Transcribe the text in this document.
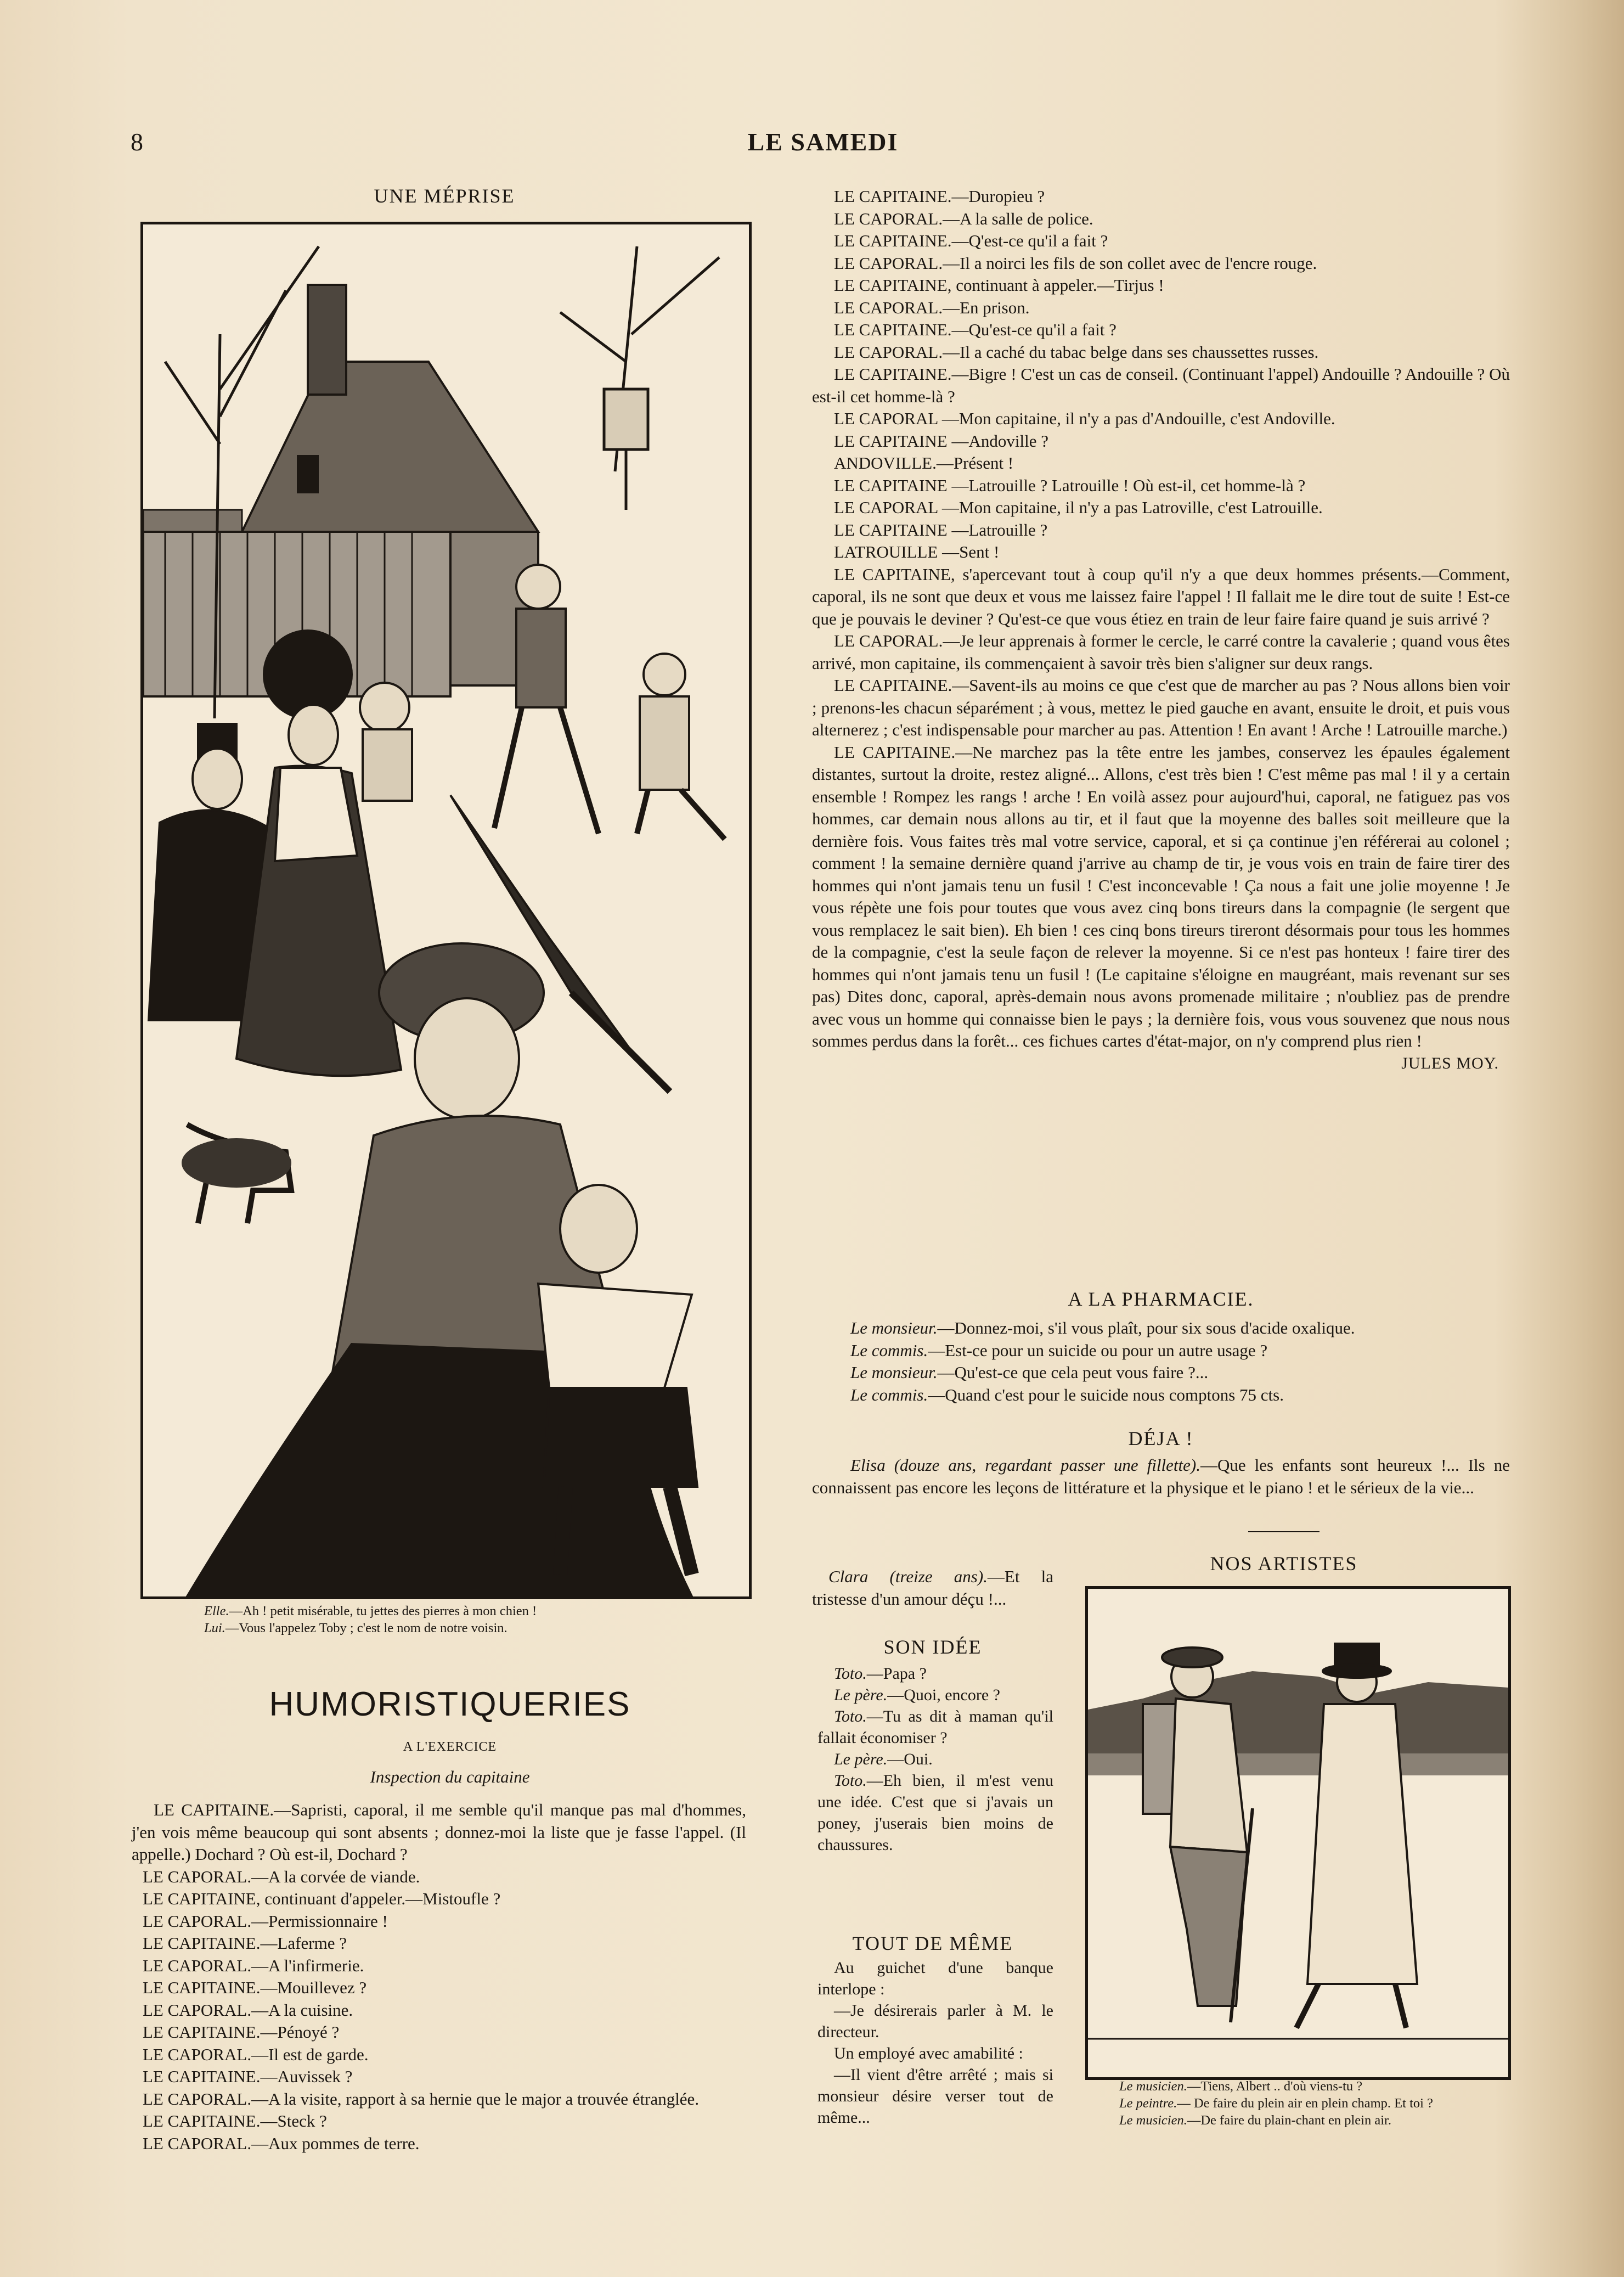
8	LE SAMEDI
UNE MÉPRISE
Elle.—Ah ! petit misérable, tu jettes des pierres à mon chien !
Lui.—Vous l'appelez Toby ; c'est le nom de notre voisin.
HUMORISTIQUERIES
A L'EXERCICE
Inspection du capitaine

LE CAPITAINE.—Sapristi, caporal, il me semble qu'il manque pas mal d'hommes, j'en vois même beaucoup qui sont absents ; donnez-moi la liste que je fasse l'appel. (Il appelle.) Dochard ? Où est-il, Dochard ?

LE CAPORAL.—A la corvée de viande.
LE CAPITAINE, continuant d'appeler.—Mistoufle ?
LE CAPORAL.—Permissionnaire !
LE CAPITAINE.—Laferme ?
LE CAPORAL.—A l'infirmerie.
LE CAPITAINE.—Mouillevez ?
LE CAPORAL.—A la cuisine.
LE CAPITAINE.—Pénoyé ?
LE CAPORAL.—Il est de garde.
LE CAPITAINE.—Auvissek ?

LE CAPORAL.—A la visite, rapport à sa hernie que le major a trouvée étranglée.

LE CAPITAINE.—Steck ?
LE CAPORAL.—Aux pommes de terre.
LE CAPITAINE.—Duropieu ?
LE CAPORAL.—A la salle de police.
LE CAPITAINE.—Q'est-ce qu'il a fait ?
LE CAPORAL.—Il a noirci les fils de son collet avec de l'encre rouge.
LE CAPITAINE, continuant à appeler.—Tirjus !
LE CAPORAL.—En prison.
LE CAPITAINE.—Qu'est-ce qu'il a fait ?
LE CAPORAL.—Il a caché du tabac belge dans ses chaussettes russes.

LE CAPITAINE.—Bigre ! C'est un cas de conseil. (Continuant l'appel) Andouille ? Andouille ? Où est-il cet homme-là ?

LE CAPORAL —Mon capitaine, il n'y a pas d'Andouille, c'est Andoville.
LE CAPITAINE —Andoville ?
ANDOVILLE.—Présent !
LE CAPITAINE —Latrouille ? Latrouille ! Où est-il, cet homme-là ?
LE CAPORAL —Mon capitaine, il n'y a pas Latroville, c'est Latrouille.
LE CAPITAINE —Latrouille ?
LATROUILLE —Sent !

LE CAPITAINE, s'apercevant tout à coup qu'il n'y a que deux hommes présents.—Comment, caporal, ils ne sont que deux et vous me laissez faire l'appel ! Il fallait me le dire tout de suite ! Est-ce que je pouvais le deviner ? Qu'est-ce que vous étiez en train de leur faire faire quand je suis arrivé ?

LE CAPORAL.—Je leur apprenais à former le cercle, le carré contre la cavalerie ; quand vous êtes arrivé, mon capitaine, ils commençaient à savoir très bien s'aligner sur deux rangs.

LE CAPITAINE.—Savent-ils au moins ce que c'est que de marcher au pas ? Nous allons bien voir ; prenons-les chacun séparément ; à vous, mettez le pied gauche en avant, ensuite le droit, et puis vous alternerez ; c'est indispensable pour marcher au pas. Attention ! En avant ! Arche ! Latrouille marche.)

LE CAPITAINE.—Ne marchez pas la tête entre les jambes, conservez les épaules également distantes, surtout la droite, restez aligné... Allons, c'est très bien ! C'est même pas mal ! il y a certain ensemble ! Rompez les rangs ! arche ! En voilà assez pour aujourd'hui, caporal, ne fatiguez pas vos hommes, car demain nous allons au tir, et il faut que la moyenne des balles soit meilleure que la dernière fois. Vous faites très mal votre service, caporal, et si ça continue j'en référerai au colonel ; comment ! la semaine dernière quand j'arrive au champ de tir, je vous vois en train de faire tirer des hommes qui n'ont jamais tenu un fusil ! C'est inconcevable ! Ça nous a fait une jolie moyenne ! Je vous répète une fois pour toutes que vous avez cinq bons tireurs dans la compagnie (le sergent que vous remplacez le sait bien). Eh bien ! ces cinq bons tireurs tireront désormais pour tous les hommes de la compagnie, c'est la seule façon de relever la moyenne. Si ce n'est pas honteux ! faire tirer des hommes qui n'ont jamais tenu un fusil ! (Le capitaine s'éloigne en maugréant, mais revenant sur ses pas) Dites donc, caporal, après-demain nous avons promenade militaire ; n'oubliez pas de prendre avec vous un homme qui connaisse bien le pays ; la dernière fois, vous vous souvenez que nous nous sommes perdus dans la forêt... ces fichues cartes d'état-major, on n'y comprend plus rien !

JULES MOY.
A LA PHARMACIE.
Le monsieur.—Donnez-moi, s'il vous plaît, pour six sous d'acide oxalique.
Le commis.—Est-ce pour un suicide ou pour un autre usage ?
Le monsieur.—Qu'est-ce que cela peut vous faire ?...
Le commis.—Quand c'est pour le suicide nous comptons 75 cts.
DÉJA !

Elisa (douze ans, regardant passer une fillette).—Que les enfants sont heureux !... Ils ne connaissent pas encore les leçons de littérature et la physique et le piano ! et le sérieux de la vie...

Clara (treize ans).—Et la tristesse d'un amour déçu !...

SON IDÉE

Toto.—Papa ?

Le père.—Quoi, encore ?

Toto.—Tu as dit à maman qu'il fallait économiser ?

Le père.—Oui.

Toto.—Eh bien, il m'est venu une idée. C'est que si j'avais un poney, j'userais bien moins de chaussures.

TOUT DE MÊME

Au guichet d'une banque interlope :

—Je désirerais parler à M. le directeur.

Un employé avec amabilité :

—Il vient d'être arrêté ; mais si monsieur désire verser tout de même...

NOS ARTISTES

Le musicien.—Tiens, Albert .. d'où viens-tu ?

Le peintre.— De faire du plein air en plein champ. Et toi ?

Le musicien.—De faire du plain-chant en plein air.
